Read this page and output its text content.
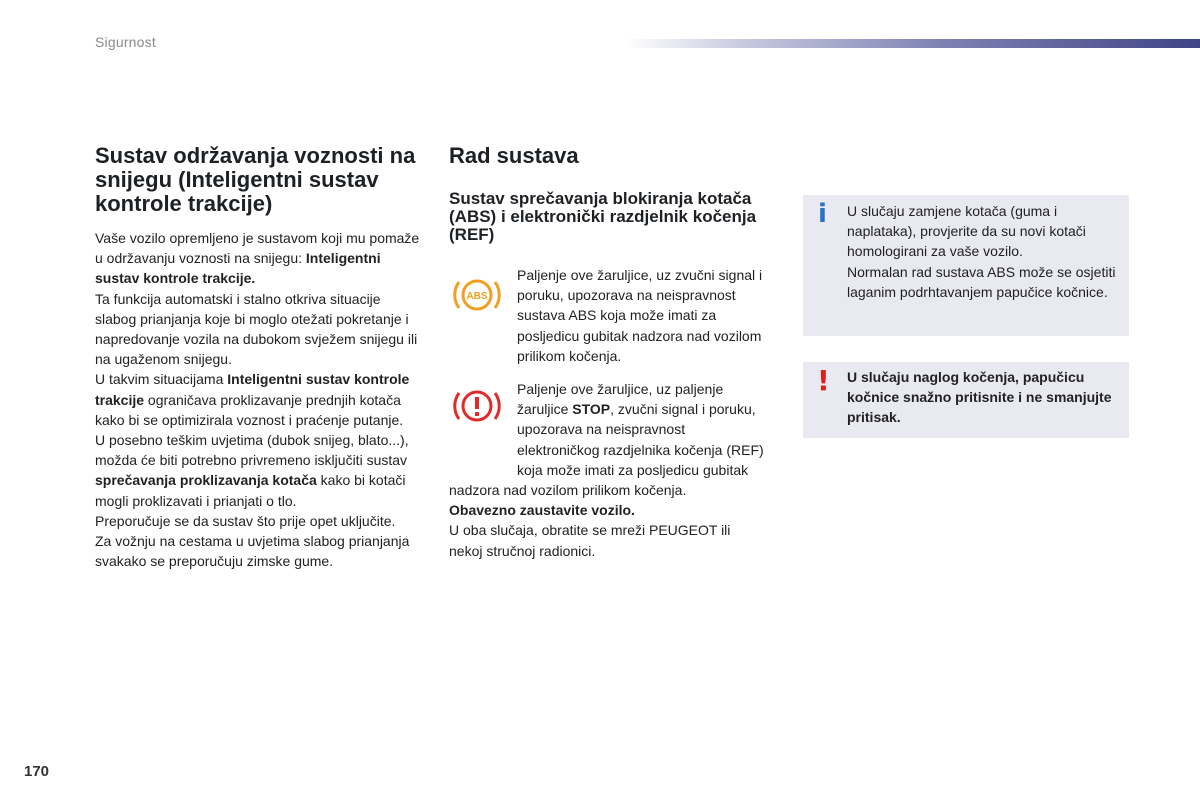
Sigurnost
Sustav održavanja voznosti na snijegu (Inteligentni sustav kontrole trakcije)

Vaše vozilo opremljeno je sustavom koji mu pomaže u održavanju voznosti na snijegu: Inteligentni sustav kontrole trakcije.

Ta funkcija automatski i stalno otkriva situacije slabog prianjanja koje bi moglo otežati pokretanje i napredovanje vozila na dubokom svježem snijegu ili na ugaženom snijegu.

U takvim situacijama Inteligentni sustav kontrole trakcije ograničava proklizavanje prednjih kotača kako bi se optimizirala voznost i praćenje putanje.

U posebno teškim uvjetima (dubok snijeg, blato...), možda će biti potrebno privremeno isključiti sustav sprečavanja proklizavanja kotača kako bi kotači mogli proklizavati i prianjati o tlo.

Preporučuje se da sustav što prije opet uključite.

Za vožnju na cestama u uvjetima slabog prianjanja svakako se preporučuju zimske gume.

Rad sustava
Sustav sprečavanja blokiranja kotača (ABS) i elektronički razdjelnik kočenja (REF)
ABS

Paljenje ove žaruljice, uz zvučni signal i poruku, upozorava na neispravnost sustava ABS koja može imati za posljedicu gubitak nadzora nad vozilom prilikom kočenja.

Paljenje ove žaruljice, uz paljenje žaruljice STOP, zvučni signal i poruku, upozorava na neispravnost elektroničkog razdjelnika kočenja (REF) koja može imati za posljedicu gubitak nadzora nad vozilom prilikom kočenja.

Obavezno zaustavite vozilo.

U oba slučaja, obratite se mreži PEUGEOT ili nekoj stručnoj radionici.

i U slučaju zamjene kotača (guma i naplataka), provjerite da su novi kotači homologirani za vaše vozilo.

Normalan rad sustava ABS može se osjetiti laganim podrhtavanjem papučice kočnice.

! U slučaju naglog kočenja, papučicu kočnice snažno pritisnite i ne smanjujte pritisak.

170
